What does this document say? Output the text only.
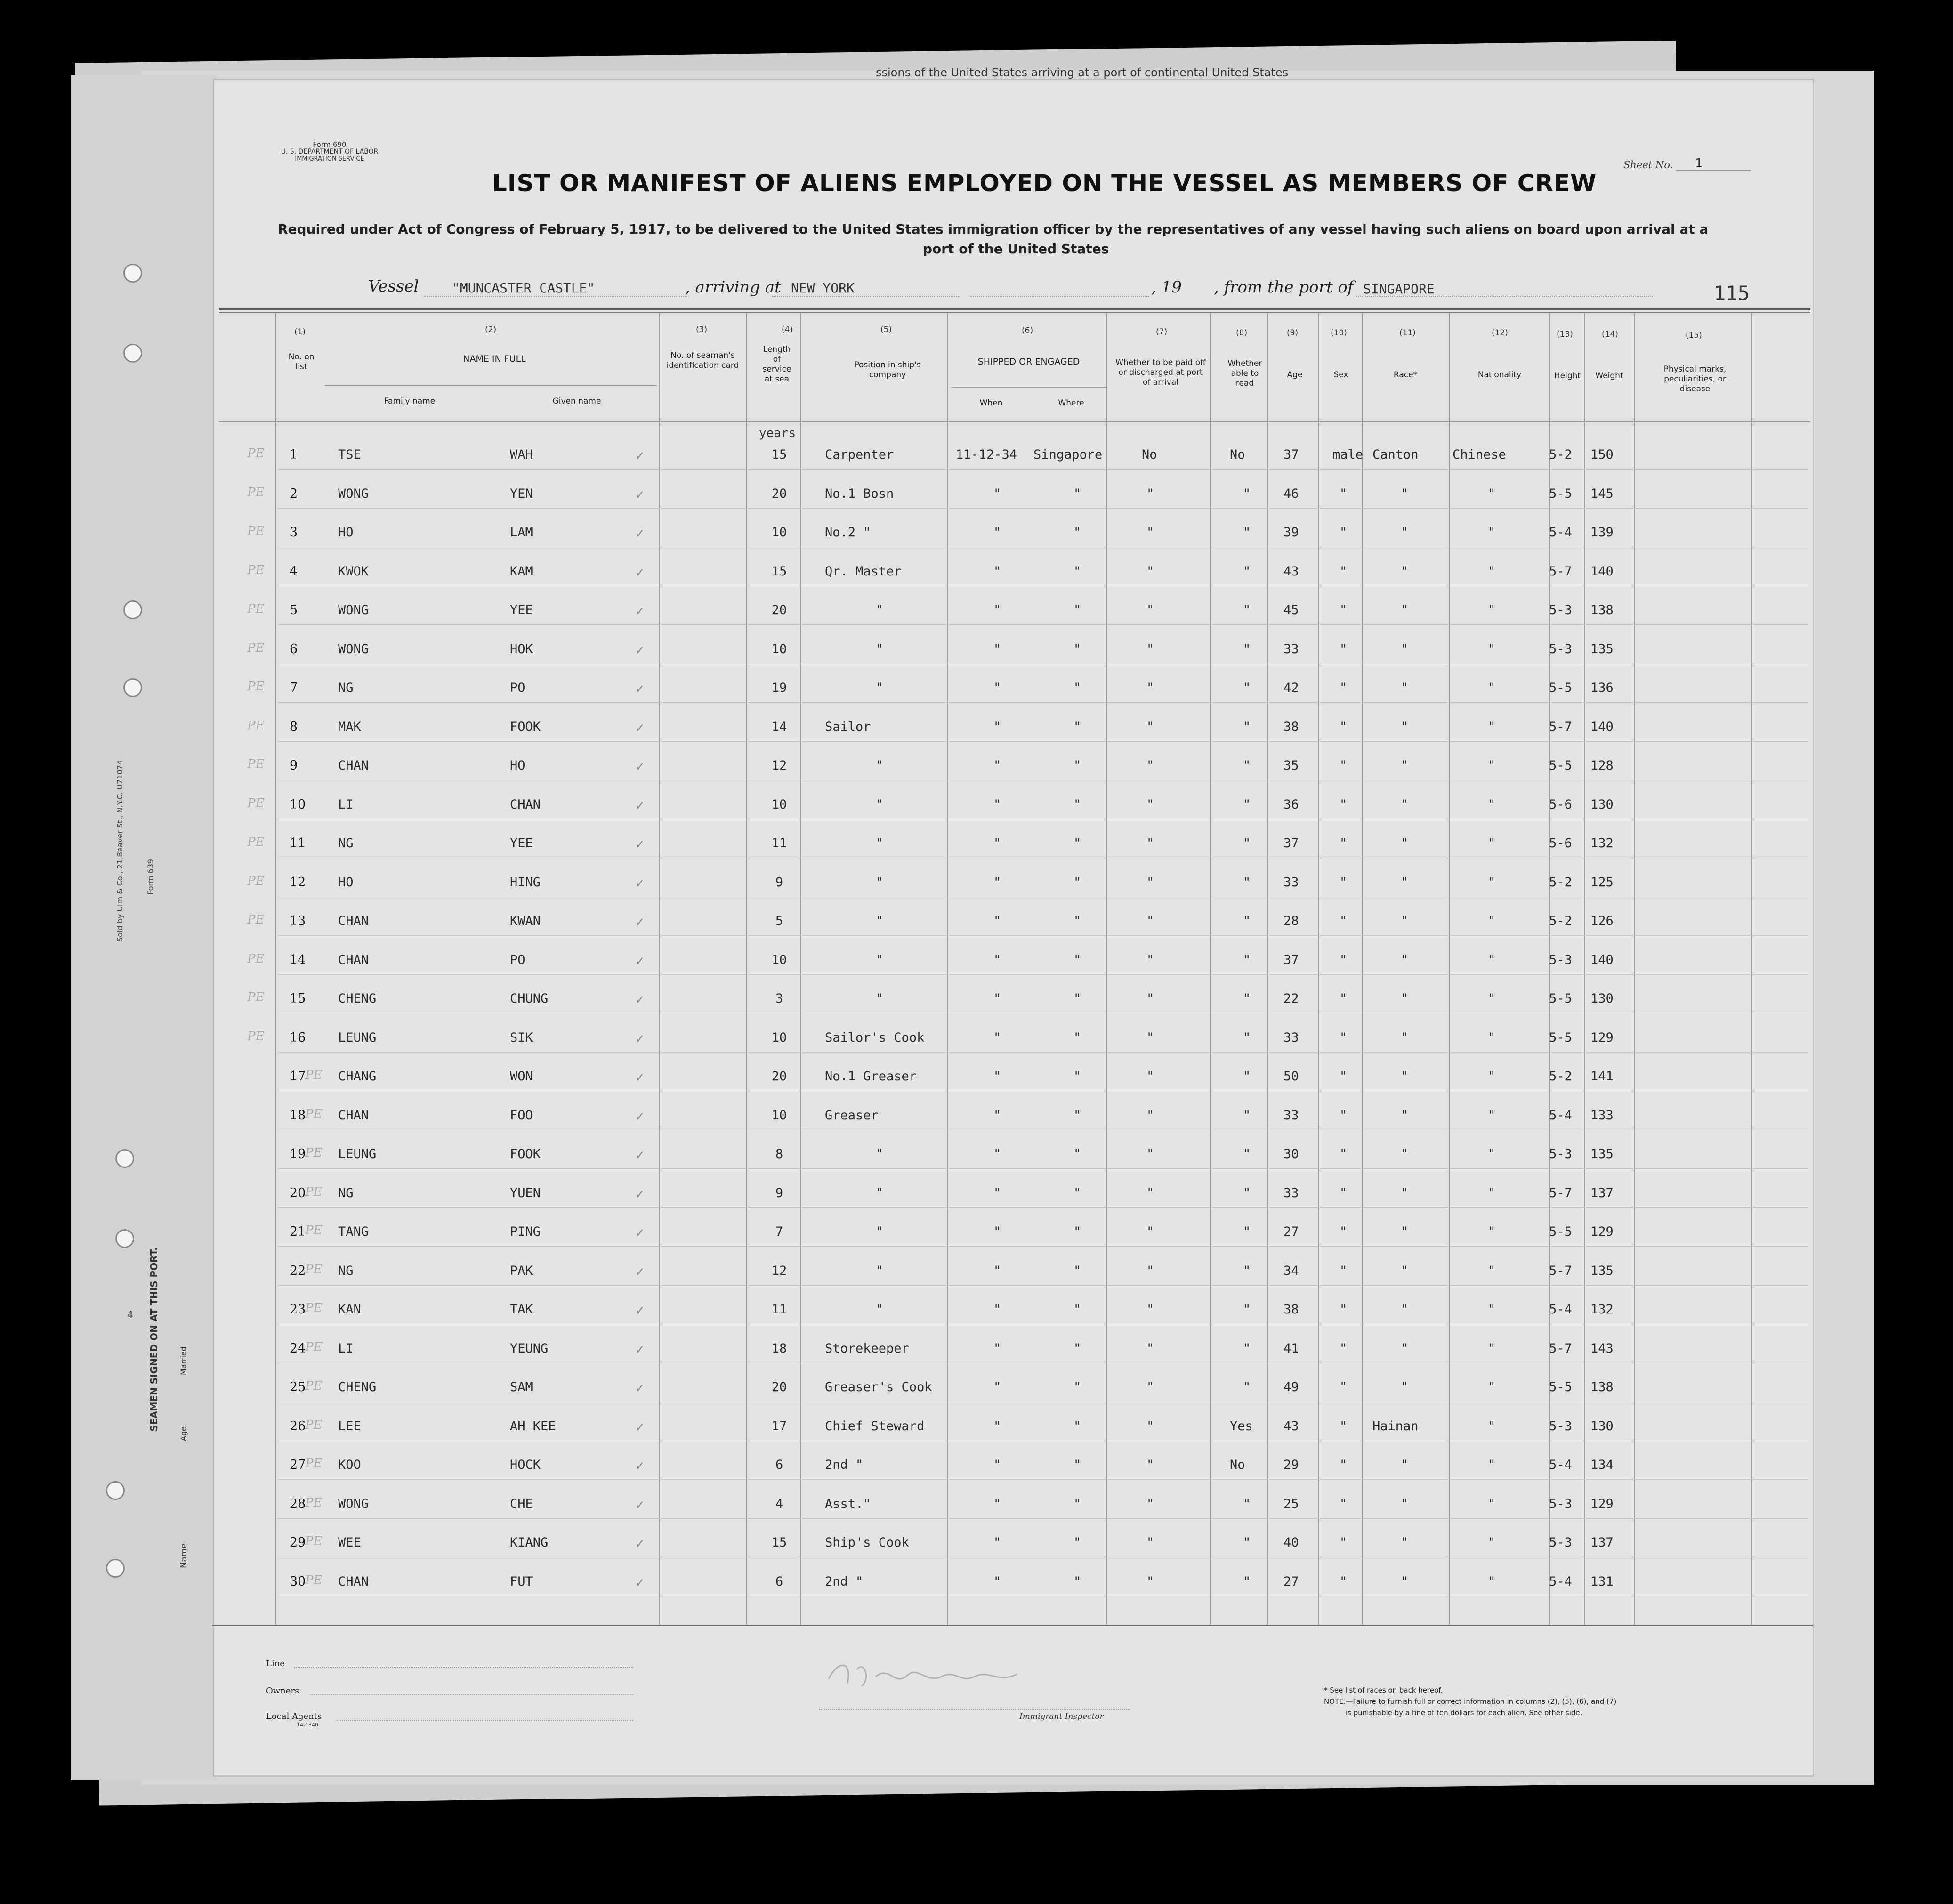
ssions of the United States arriving at a port of continental United States
Sold by Ulm & Co., 21 Beaver St., N.Y.C. U71074	Form 639
SEAMEN SIGNED ON AT THIS PORT.
4
Name
Age
Married
Form 690
U. S. DEPARTMENT OF LABOR
IMMIGRATION SERVICE
Sheet No. 1
LIST OR MANIFEST OF ALIENS EMPLOYED ON THE VESSEL AS MEMBERS OF CREW
Required under Act of Congress of February 5, 1917, to be delivered to the United States immigration officer by the representatives of any vessel having such aliens on board upon arrival at a
port of the United States
Vessel	"MUNCASTER CASTLE"	, arriving at NEW YORK	, 19 , from the port of SINGAPORE	115
(1)	(2)	(3)	(4)	(5)	(6)	(7)	(8)	(9)	(10)	(11)	(12)	(13)	(14)	(15)
No. on list
NAME IN FULL
Family name	Given name
No. of seaman's identification card
Length of service at sea
Position in ship's company
SHIPPED OR ENGAGED
When	Where
Whether to be paid off or discharged at port of arrival
Whether able to read
Age	Sex	Race*	Nationality	Height	Weight
Physical marks, peculiarities, or disease
years
PE	✓
1	TSE	WAH	15	Carpenter	11-12-34 Singapore	No	No	37	male Canton	Chinese	5-2 150
PE	✓
2	WONG	YEN	20	No.1 Bosn	"	"	"	"	46	"	"	"	5-5 145
PE	✓
3	HO	LAM	10	No.2 "	"	"	"	"	39	"	"	"	5-4 139
PE	✓
4	KWOK	KAM	15	Qr. Master	"	"	"	"	43	"	"	"	5-7 140
PE	✓
5	WONG	YEE	20	"	"	"	"	"	45	"	"	"	5-3 138
PE	✓
6	WONG	HOK	10	"	"	"	"	"	33	"	"	"	5-3 135
PE	✓
7	NG	PO	19	"	"	"	"	"	42	"	"	"	5-5 136
PE	✓
8	MAK	FOOK	14	Sailor	"	"	"	"	38	"	"	"	5-7 140
PE	✓
9	CHAN	HO	12	"	"	"	"	"	35	"	"	"	5-5 128
PE	✓
10	LI	CHAN	10	"	"	"	"	"	36	"	"	"	5-6 130
PE	✓
11	NG	YEE	11	"	"	"	"	"	37	"	"	"	5-6 132
PE	✓
12	HO	HING	9	"	"	"	"	"	33	"	"	"	5-2 125
PE	✓
13	CHAN	KWAN	5	"	"	"	"	"	28	"	"	"	5-2 126
PE	✓
14	CHAN	PO	10	"	"	"	"	"	37	"	"	"	5-3 140
PE	✓
15	CHENG	CHUNG	3	"	"	"	"	"	22	"	"	"	5-5 130
PE	✓
16	LEUNG	SIK	10	Sailor's Cook	"	"	"	"	33	"	"	"	5-5 129
PE	✓
17	CHANG	WON	20	No.1 Greaser	"	"	"	"	50	"	"	"	5-2 141
PE	✓
18	CHAN	FOO	10	Greaser	"	"	"	"	33	"	"	"	5-4 133
PE	✓
19	LEUNG	FOOK	8	"	"	"	"	"	30	"	"	"	5-3 135
PE	✓
20	NG	YUEN	9	"	"	"	"	"	33	"	"	"	5-7 137
PE	✓
21	TANG	PING	7	"	"	"	"	"	27	"	"	"	5-5 129
PE	✓
22	NG	PAK	12	"	"	"	"	"	34	"	"	"	5-7 135
PE	✓
23	KAN	TAK	11	"	"	"	"	"	38	"	"	"	5-4 132
PE	✓
24	LI	YEUNG	18	Storekeeper	"	"	"	"	41	"	"	"	5-7 143
PE	✓
25	CHENG	SAM	20	Greaser's Cook	"	"	"	"	49	"	"	"	5-5 138
PE	✓
26	LEE	AH KEE	17	Chief Steward	"	"	"	Yes 43	" Hainan	"	5-3 130
PE	✓
27	KOO	HOCK	6	2nd "	"	"	"	No	29	"	"	"	5-4 134
PE	✓
28	WONG	CHE	4	Asst."	"	"	"	"	25	"	"	"	5-3 129
PE	✓
29	WEE	KIANG	15	Ship's Cook	"	"	"	"	40	"	"	"	5-3 137
PE	✓
30	CHAN	FUT	6	2nd "	"	"	"	"	27	"	"	"	5-4 131
Line
Owners
Local Agents
14-1340
Immigrant Inspector
* See list of races on back hereof.
NOTE.—Failure to furnish full or correct information in columns (2), (5), (6), and (7)
is punishable by a fine of ten dollars for each alien. See other side.
